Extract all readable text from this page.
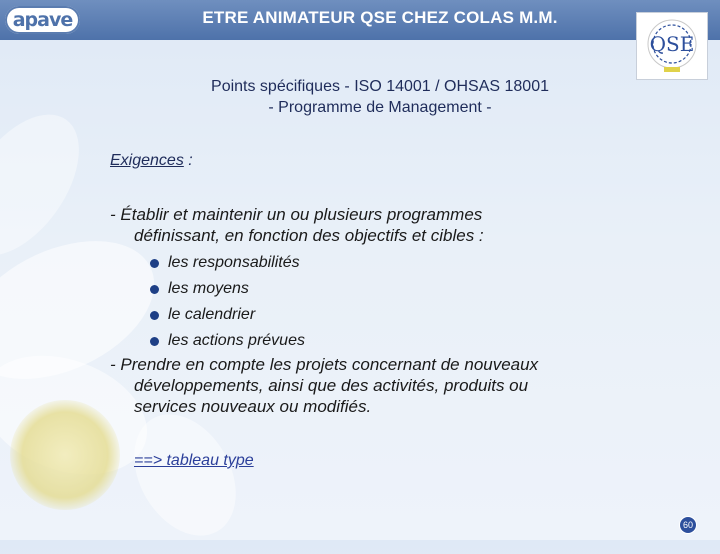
apave	ETRE ANIMATEUR QSE CHEZ COLAS M.M.
QSE
Points spécifiques - ISO 14001 / OHSAS 18001
- Programme de Management -
Exigences :
- Établir et maintenir un ou plusieurs programmes
définissant, en fonction des objectifs et cibles :
les responsabilités
les moyens
le calendrier
les actions prévues
- Prendre en compte les projets concernant de nouveaux
développements, ainsi que des activités, produits ou
services nouveaux ou modifiés.
==> tableau type
60
